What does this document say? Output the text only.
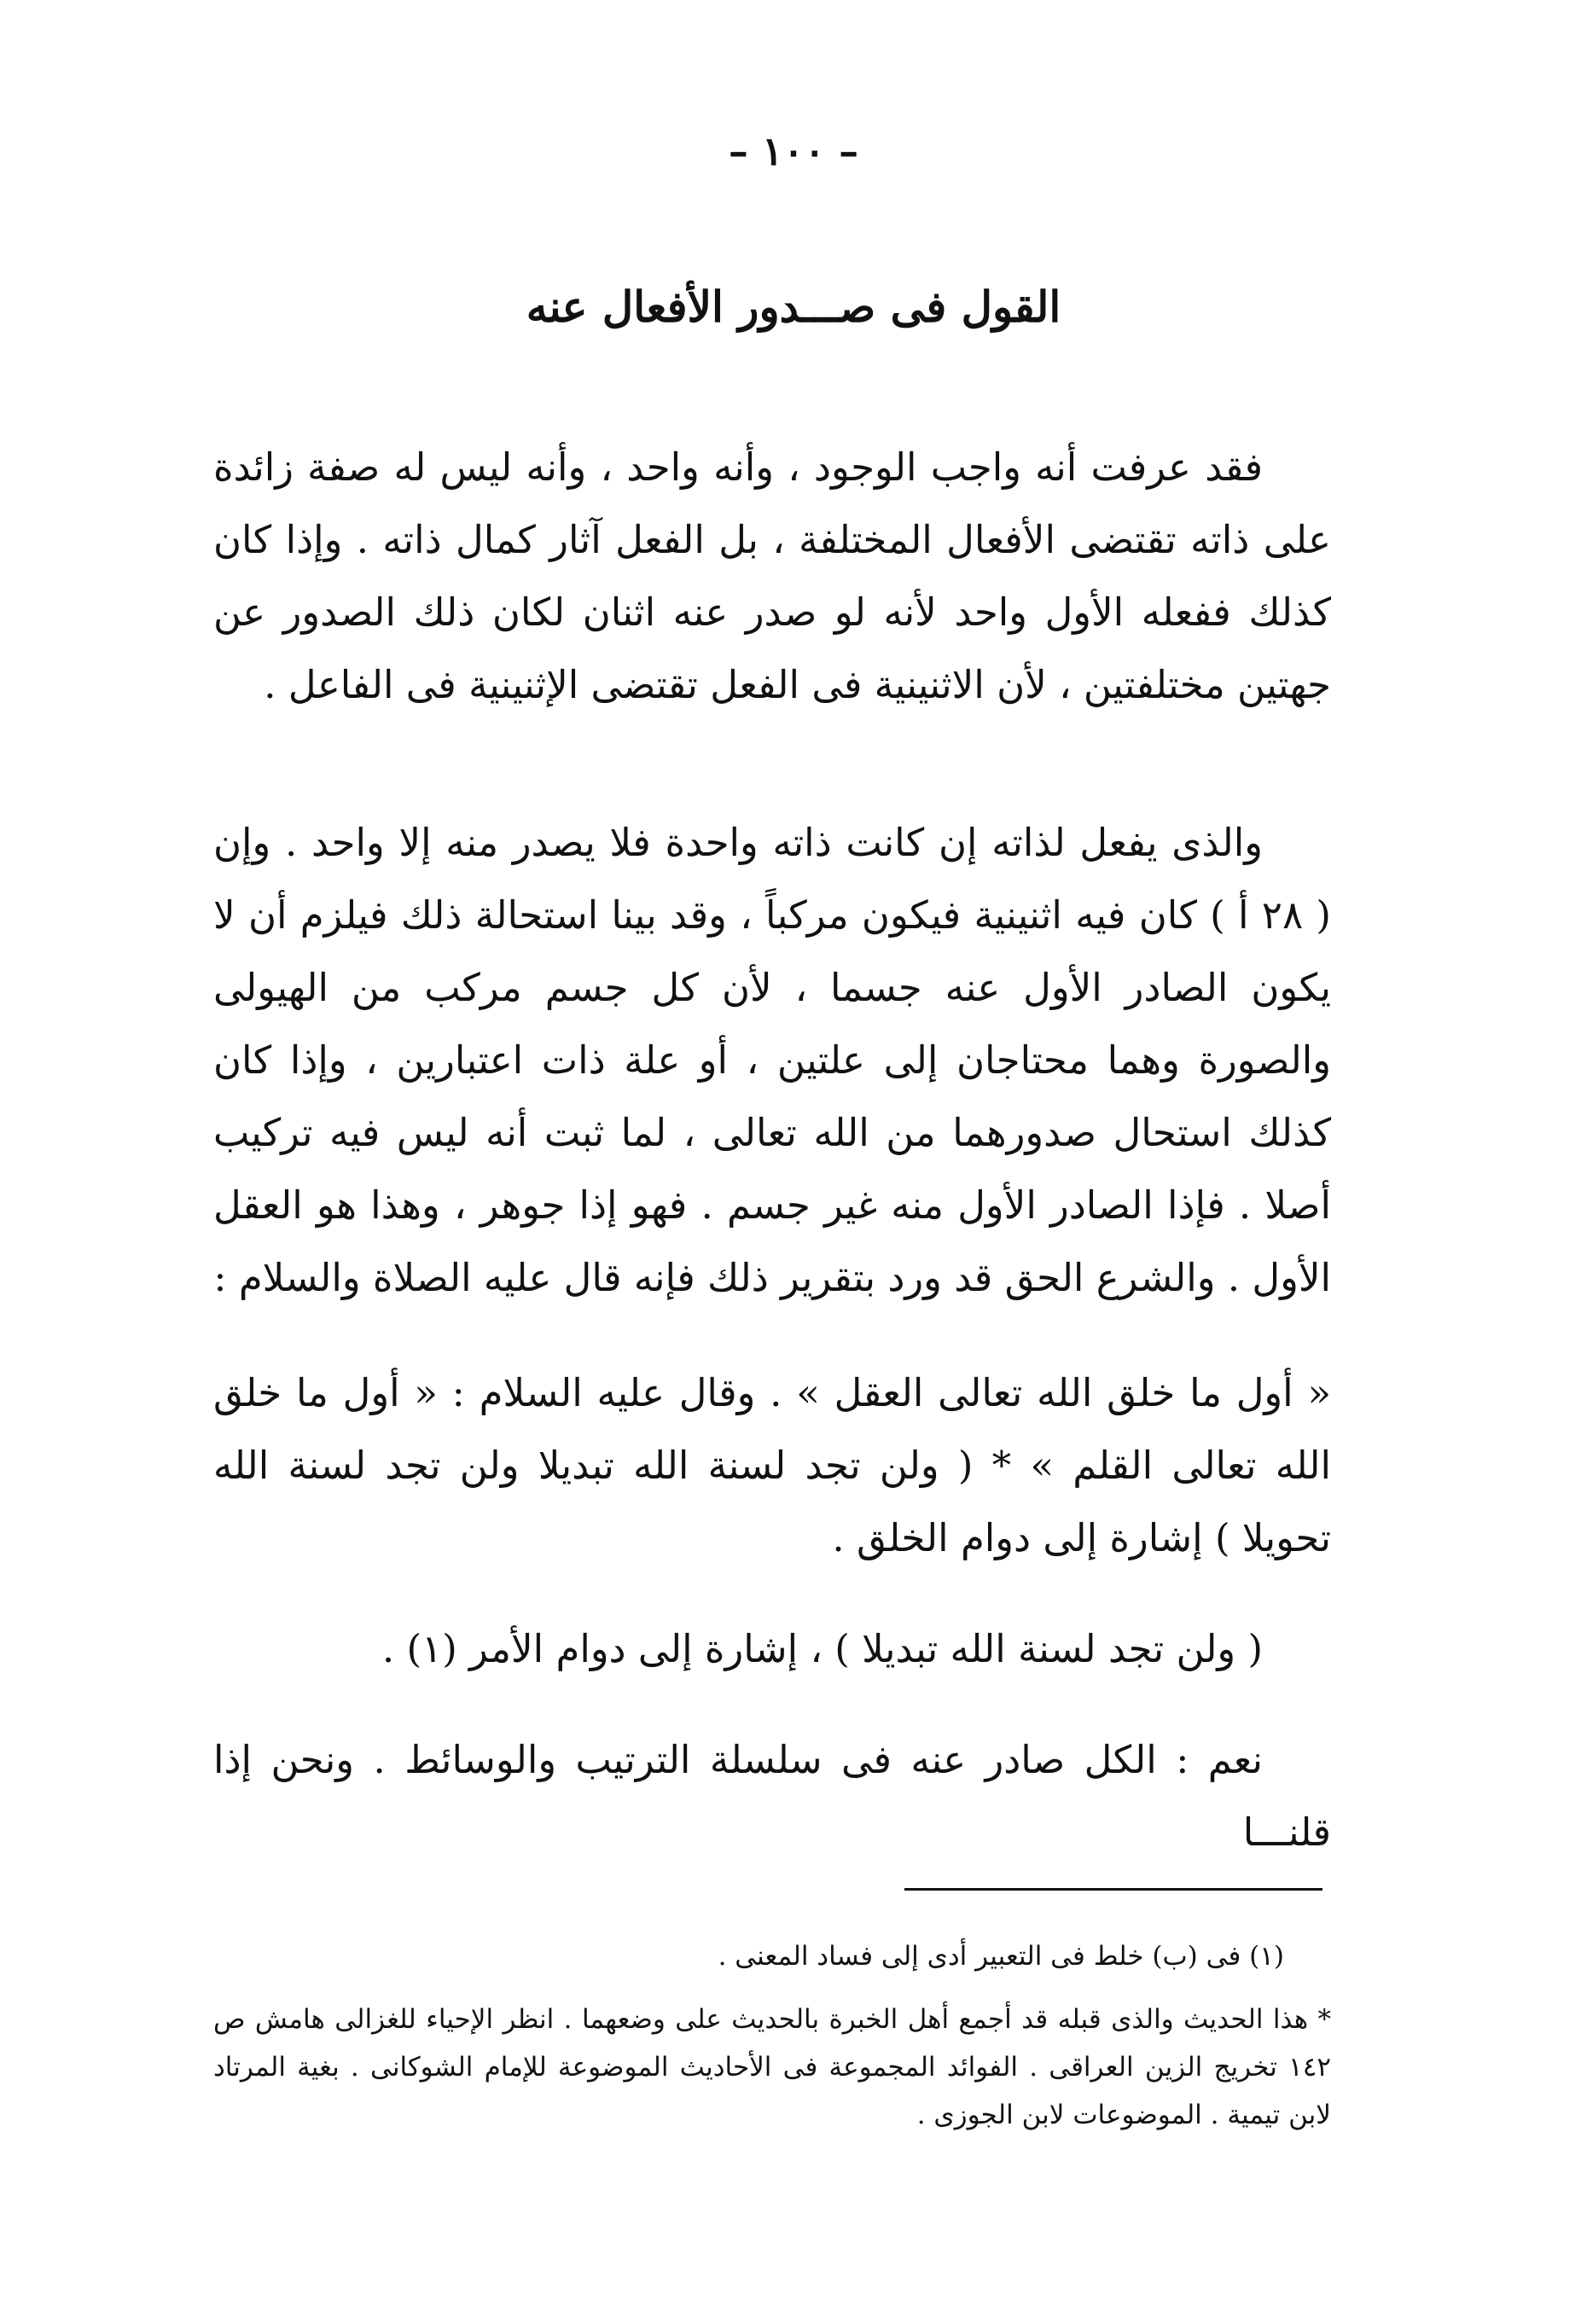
– ١٠٠ –
القول فى صـــدور الأفعال عنه

فقد عرفت أنه واجب الوجود ، وأنه واحد ، وأنه ليس له صفة زائدة على ذاته تقتضى الأفعال المختلفة ، بل الفعل آثار كمال ذاته . وإذا كان كذلك ففعله الأول واحد لأنه لو صدر عنه اثنان لكان ذلك الصدور عن جهتين مختلفتين ، لأن الاثنينية فى الفعل تقتضى الإثنينية فى الفاعل .

والذى يفعل لذاته إن كانت ذاته واحدة فلا يصدر منه إلا واحد . وإن ( ٢٨ أ ) كان فيه اثنينية فيكون مركباً ، وقد بينا استحالة ذلك فيلزم أن لا يكون الصادر الأول عنه جسما ، لأن كل جسم مركب من الهيولى والصورة وهما محتاجان إلى علتين ، أو علة ذات اعتبارين ، وإذا كان كذلك استحال صدورهما من الله تعالى ، لما ثبت أنه ليس فيه تركيب أصلا . فإذا الصادر الأول منه غير جسم . فهو إذا جوهر ، وهذا هو العقل الأول . والشرع الحق قد ورد بتقرير ذلك فإنه قال عليه الصلاة والسلام :

« أول ما خلق الله تعالى العقل » . وقال عليه السلام : « أول ما خلق الله تعالى القلم » * ( ولن تجد لسنة الله تبديلا ولن تجد لسنة الله تحويلا ) إشارة إلى دوام الخلق .

( ولن تجد لسنة الله تبديلا ) ، إشارة إلى دوام الأمر (١) .

نعم : الكل صادر عنه فى سلسلة الترتيب والوسائط . ونحن إذا قلنـــا

(١) فى (ب) خلط فى التعبير أدى إلى فساد المعنى .

* هذا الحديث والذى قبله قد أجمع أهل الخبرة بالحديث على وضعهما . انظر الإحياء للغزالى هامش ص ١٤٢ تخريج الزين العراقى . الفوائد المجموعة فى الأحاديث الموضوعة للإمام الشوكانى . بغية المرتاد لابن تيمية . الموضوعات لابن الجوزى .
